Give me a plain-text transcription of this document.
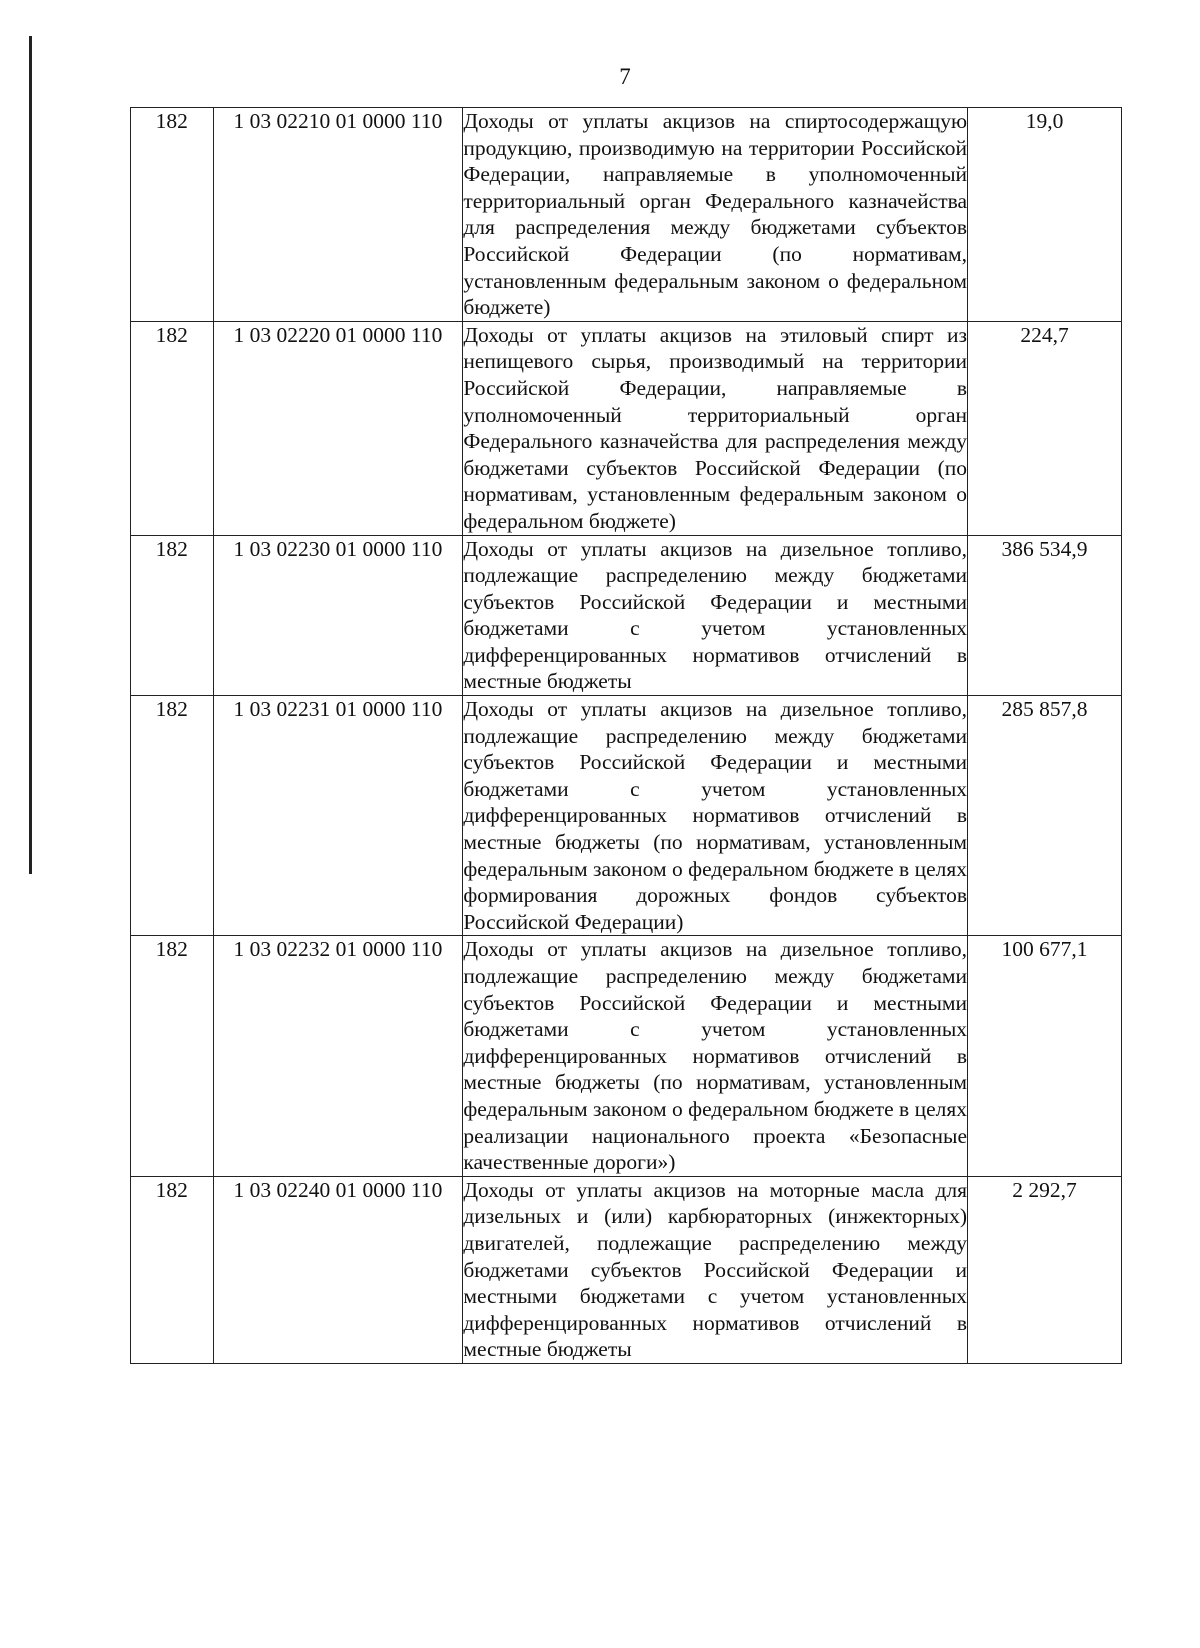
7
182	1 03 02210 01 0000 110	Доходы от уплаты акцизов на спиртосодержащую продукцию, производимую на территории Российской Федерации, направляемые в уполномоченный территориальный орган Федерального казначейства для распределения между бюджетами субъектов Российской Федерации (по нормативам, установленным федеральным законом о федеральном бюджете)	19,0
182	1 03 02220 01 0000 110	Доходы от уплаты акцизов на этиловый спирт из непищевого сырья, производимый на территории Российской Федерации, направляемые в уполномоченный территориальный орган Федерального казначейства для распределения между бюджетами субъектов Российской Федерации (по нормативам, установленным федеральным законом о федеральном бюджете)	224,7
182	1 03 02230 01 0000 110	Доходы от уплаты акцизов на дизельное топливо, подлежащие распределению между бюджетами субъектов Российской Федерации и местными бюджетами с учетом установленных дифференцированных нормативов отчислений в местные бюджеты	386 534,9
182	1 03 02231 01 0000 110	Доходы от уплаты акцизов на дизельное топливо, подлежащие распределению между бюджетами субъектов Российской Федерации и местными бюджетами с учетом установленных дифференцированных нормативов отчислений в местные бюджеты (по нормативам, установленным федеральным законом о федеральном бюджете в целях формирования дорожных фондов субъектов Российской Федерации)	285 857,8
182	1 03 02232 01 0000 110	Доходы от уплаты акцизов на дизельное топливо, подлежащие распределению между бюджетами субъектов Российской Федерации и местными бюджетами с учетом установленных дифференцированных нормативов отчислений в местные бюджеты (по нормативам, установленным федеральным законом о федеральном бюджете в целях реализации национального проекта «Безопасные качественные дороги»)	100 677,1
182	1 03 02240 01 0000 110	Доходы от уплаты акцизов на моторные масла для дизельных и (или) карбюраторных (инжекторных) двигателей, подлежащие распределению между бюджетами субъектов Российской Федерации и местными бюджетами с учетом установленных дифференцированных нормативов отчислений в местные бюджеты	2 292,7
